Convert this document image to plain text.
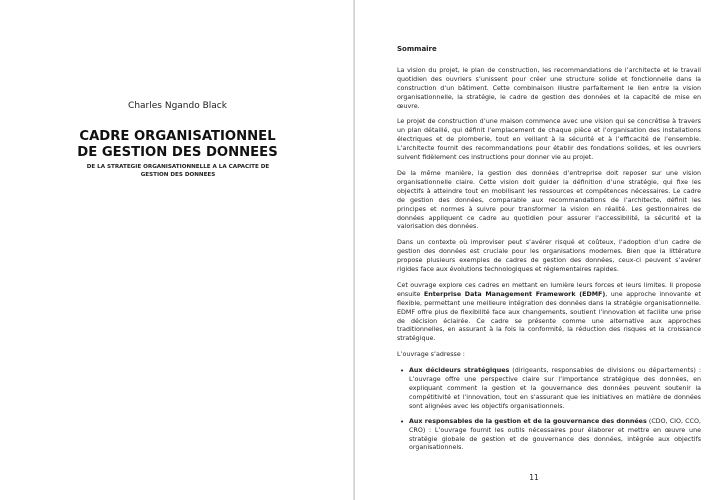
Charles Ngando Black
CADRE ORGANISATIONNEL DE GESTION DES DONNEES
DE LA STRATEGIE ORGANISATIONNELLE A LA CAPACITE DE GESTION DES DONNEES
Sommaire

La vision du projet, le plan de construction, les recommandations de l’architecte et le travail quotidien des ouvriers s’unissent pour créer une structure solide et fonctionnelle dans la construction d’un bâtiment. Cette combinaison illustre parfaitement le lien entre la vision organisationnelle, la stratégie, le cadre de gestion des données et la capacité de mise en œuvre.

Le projet de construction d’une maison commence avec une vision qui se concrétise à travers un plan détaillé, qui définit l’emplacement de chaque pièce et l’organisation des installations électriques et de plomberie, tout en veillant à la sécurité et à l’efficacité de l’ensemble. L’architecte fournit des recommandations pour établir des fondations solides, et les ouvriers suivent fidèlement ces instructions pour donner vie au projet.

De la même manière, la gestion des données d’entreprise doit reposer sur une vision organisationnelle claire. Cette vision doit guider la définition d’une stratégie, qui fixe les objectifs à atteindre tout en mobilisant les ressources et compétences nécessaires. Le cadre de gestion des données, comparable aux recommandations de l’architecte, définit les principes et normes à suivre pour transformer la vision en réalité. Les gestionnaires de données appliquent ce cadre au quotidien pour assurer l’accessibilité, la sécurité et la valorisation des données.

Dans un contexte où improviser peut s’avérer risqué et coûteux, l’adoption d’un cadre de gestion des données est cruciale pour les organisations modernes. Bien que la littérature propose plusieurs exemples de cadres de gestion des données, ceux-ci peuvent s’avérer rigides face aux évolutions technologiques et réglementaires rapides.

Cet ouvrage explore ces cadres en mettant en lumière leurs forces et leurs limites. Il propose ensuite Enterprise Data Management Framework (EDMF), une approche innovante et flexible, permettant une meilleure intégration des données dans la stratégie organisationnelle. EDMF offre plus de flexibilité face aux changements, soutient l’innovation et facilite une prise de décision éclairée. Ce cadre se présente comme une alternative aux approches traditionnelles, en assurant à la fois la conformité, la réduction des risques et la croissance stratégique.

L’ouvrage s’adresse :

• Aux décideurs stratégiques (dirigeants, responsables de divisions ou départements) : L’ouvrage offre une perspective claire sur l’importance stratégique des données, en expliquant comment la gestion et la gouvernance des données peuvent soutenir la compétitivité et l’innovation, tout en s’assurant que les initiatives en matière de données sont alignées avec les objectifs organisationnels.
• Aux responsables de la gestion et de la gouvernance des données (CDO, CIO, CCO, CRO) : L’ouvrage fournit les outils nécessaires pour élaborer et mettre en œuvre une stratégie globale de gestion et de gouvernance des données, intégrée aux objectifs organisationnels.
11
